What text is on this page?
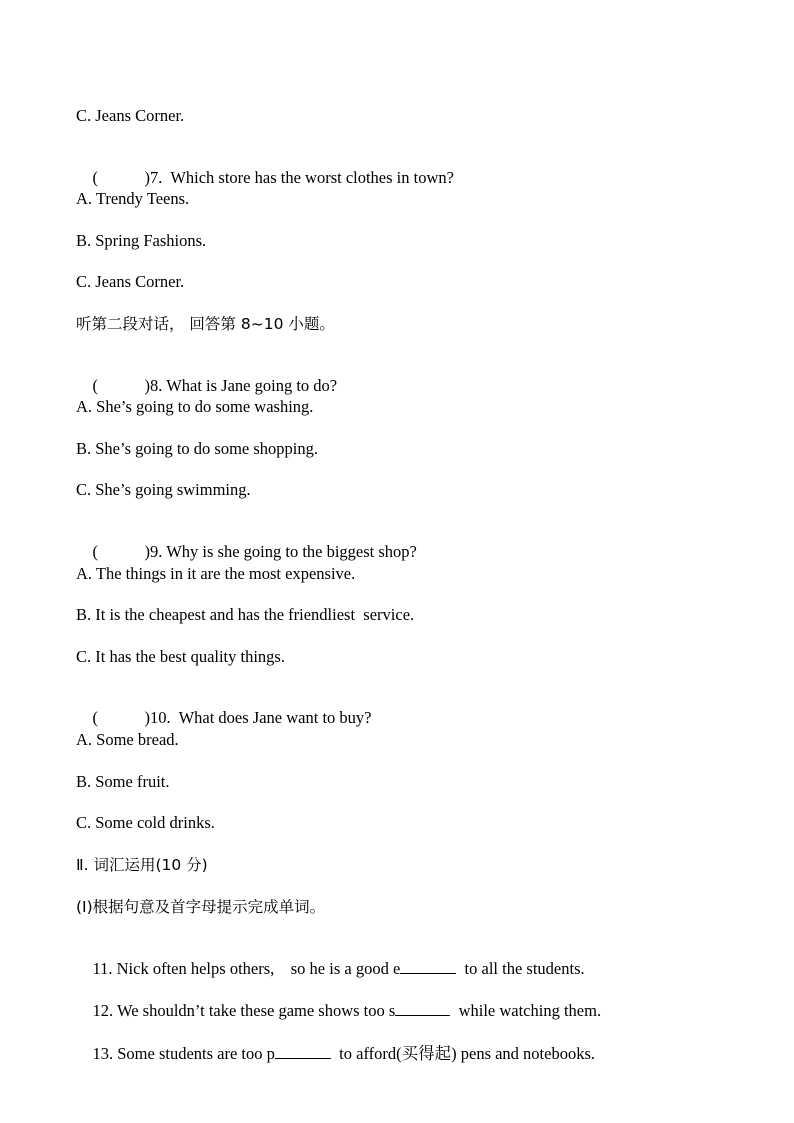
C. Jeans Corner.

(	)7.  Which store has the worst clothes in town?

A. Trendy Teens.
B. Spring Fashions.
C. Jeans Corner.
听第二段对话， 回答第 8~10 小题。

(	)8. What is Jane going to do?

A. She’s going to do some washing.
B. She’s going to do some shopping.
C. She’s going swimming.

(	)9. Why is she going to the biggest shop?

A. The things in it are the most expensive.
B. It is the cheapest and has the friendliest  service.
C. It has the best quality things.

(	)10.  What does Jane want to buy?

A. Some bread.
B. Some fruit.
C. Some cold drinks.
Ⅱ. 词汇运用(10 分)
(Ⅰ)根据句意及首字母提示完成单词。

11. Nick often helps others,    so he is a good e	to all the students.

12. We shouldn’t take these game shows too s	while watching them.

13. Some students are too p	to afford(买得起) pens and notebooks.
